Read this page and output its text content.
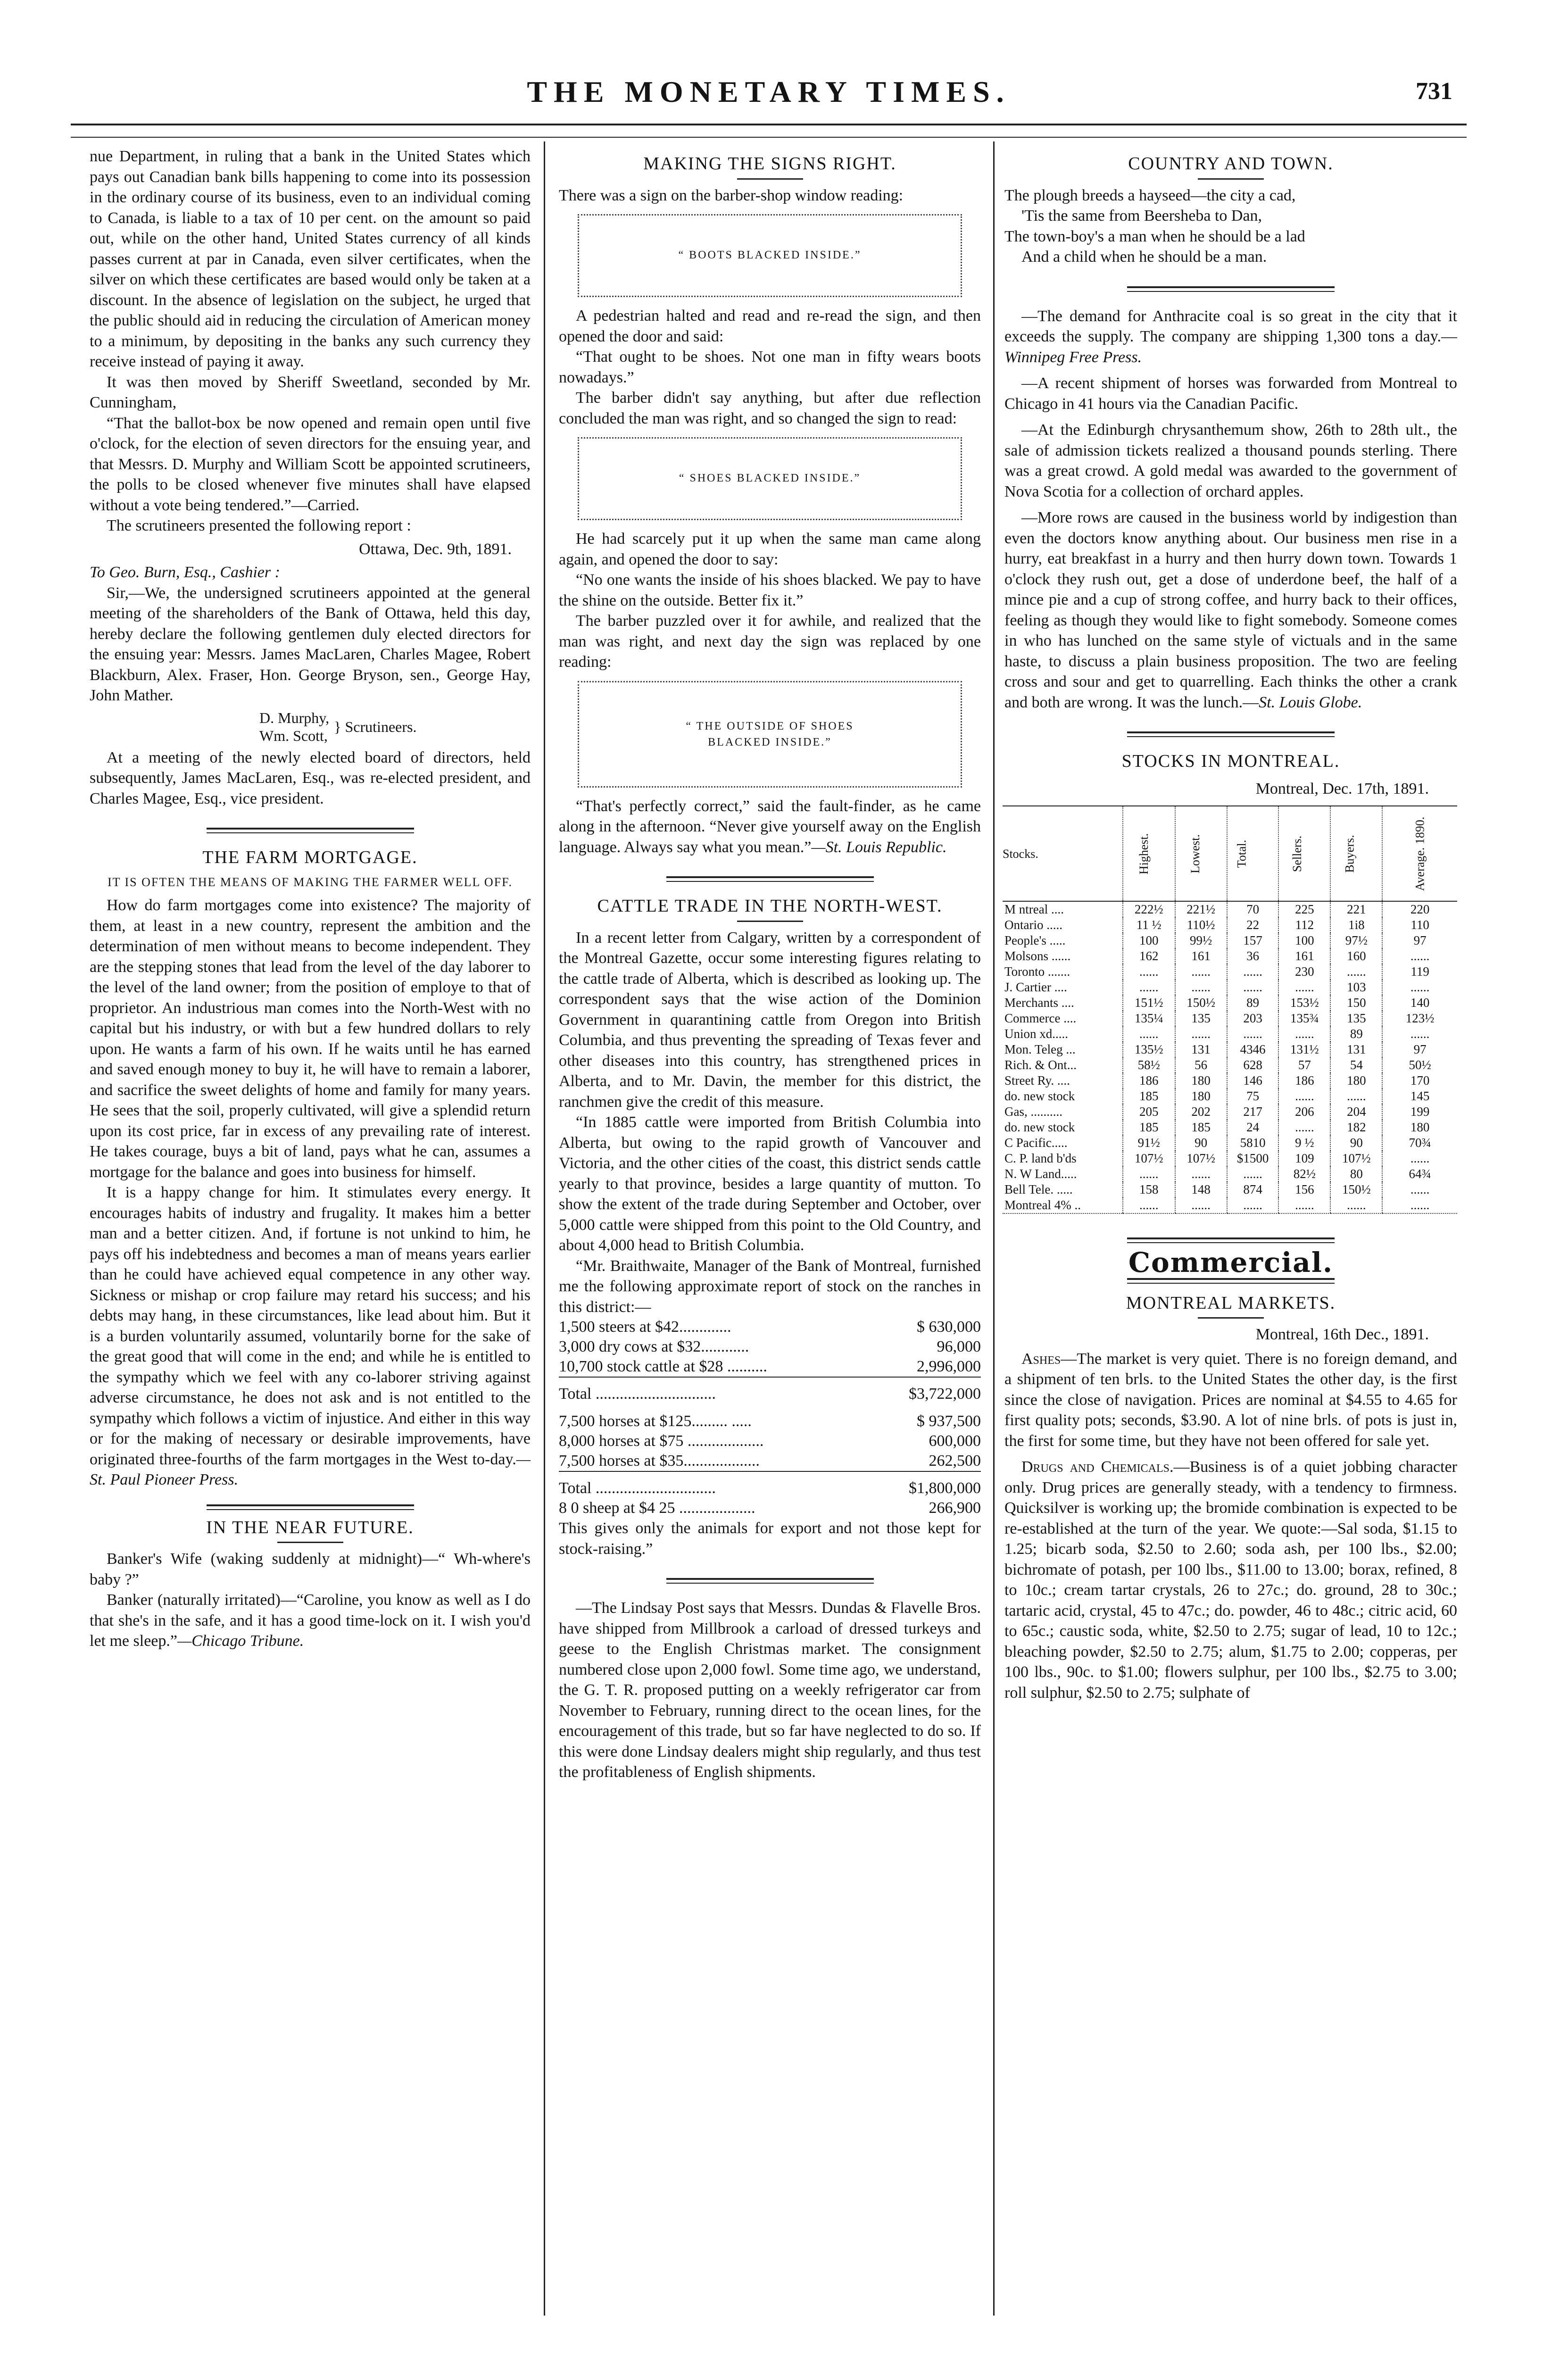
THE MONETARY TIMES.	731

nue Department, in ruling that a bank in the United States which pays out Canadian bank bills happening to come into its possession in the ordinary course of its business, even to an individual coming to Canada, is liable to a tax of 10 per cent. on the amount so paid out, while on the other hand, United States currency of all kinds passes current at par in Canada, even silver certificates, when the silver on which these certificates are based would only be taken at a discount. In the absence of legislation on the subject, he urged that the public should aid in reducing the circulation of American money to a minimum, by depositing in the banks any such currency they receive instead of paying it away.

It was then moved by Sheriff Sweetland, seconded by Mr. Cunningham,

“That the ballot-box be now opened and remain open until five o'clock, for the election of seven directors for the ensuing year, and that Messrs. D. Murphy and William Scott be appointed scrutineers, the polls to be closed whenever five minutes shall have elapsed without a vote being tendered.”—Carried.

The scrutineers presented the following report :

Ottawa, Dec. 9th, 1891.

To Geo. Burn, Esq., Cashier :

Sir,—We, the undersigned scrutineers appointed at the general meeting of the shareholders of the Bank of Ottawa, held this day, hereby declare the following gentlemen duly elected directors for the ensuing year: Messrs. James MacLaren, Charles Magee, Robert Blackburn, Alex. Fraser, Hon. George Bryson, sen., George Hay, John Mather.

D. Murphy,
Wm. Scott,
} Scrutineers.

At a meeting of the newly elected board of directors, held subsequently, James MacLaren, Esq., was re-elected president, and Charles Magee, Esq., vice president.

THE FARM MORTGAGE.
IT IS OFTEN THE MEANS OF MAKING THE FARMER WELL OFF.

How do farm mortgages come into existence? The majority of them, at least in a new country, represent the ambition and the determination of men without means to become independent. They are the stepping stones that lead from the level of the day laborer to the level of the land owner; from the position of employe to that of proprietor. An industrious man comes into the North-West with no capital but his industry, or with but a few hundred dollars to rely upon. He wants a farm of his own. If he waits until he has earned and saved enough money to buy it, he will have to remain a laborer, and sacrifice the sweet delights of home and family for many years. He sees that the soil, properly cultivated, will give a splendid return upon its cost price, far in excess of any prevailing rate of interest. He takes courage, buys a bit of land, pays what he can, assumes a mortgage for the balance and goes into business for himself.

It is a happy change for him. It stimulates every energy. It encourages habits of industry and frugality. It makes him a better man and a better citizen. And, if fortune is not unkind to him, he pays off his indebtedness and becomes a man of means years earlier than he could have achieved equal competence in any other way. Sickness or mishap or crop failure may retard his success; and his debts may hang, in these circumstances, like lead about him. But it is a burden voluntarily assumed, voluntarily borne for the sake of the great good that will come in the end; and while he is entitled to the sympathy which we feel with any co-laborer striving against adverse circumstance, he does not ask and is not entitled to the sympathy which follows a victim of injustice. And either in this way or for the making of necessary or desirable improvements, have originated three-fourths of the farm mortgages in the West to-day.—St. Paul Pioneer Press.

IN THE NEAR FUTURE.

Banker's Wife (waking suddenly at midnight)—“ Wh-where's baby ?”

Banker (naturally irritated)—“Caroline, you know as well as I do that she's in the safe, and it has a good time-lock on it. I wish you'd let me sleep.”—Chicago Tribune.

MAKING THE SIGNS RIGHT.

There was a sign on the barber-shop window reading:

“ BOOTS BLACKED INSIDE.”

A pedestrian halted and read and re-read the sign, and then opened the door and said:

“That ought to be shoes. Not one man in fifty wears boots nowadays.”

The barber didn't say anything, but after due reflection concluded the man was right, and so changed the sign to read:

“ SHOES BLACKED INSIDE.”

He had scarcely put it up when the same man came along again, and opened the door to say:

“No one wants the inside of his shoes blacked. We pay to have the shine on the outside. Better fix it.”

The barber puzzled over it for awhile, and realized that the man was right, and next day the sign was replaced by one reading:

“ THE OUTSIDE OF SHOES
BLACKED INSIDE.”

“That's perfectly correct,” said the fault-finder, as he came along in the afternoon. “Never give yourself away on the English language. Always say what you mean.”—St. Louis Republic.

CATTLE TRADE IN THE NORTH-WEST.

In a recent letter from Calgary, written by a correspondent of the Montreal Gazette, occur some interesting figures relating to the cattle trade of Alberta, which is described as looking up. The correspondent says that the wise action of the Dominion Government in quarantining cattle from Oregon into British Columbia, and thus preventing the spreading of Texas fever and other diseases into this country, has strengthened prices in Alberta, and to Mr. Davin, the member for this district, the ranchmen give the credit of this measure.

“In 1885 cattle were imported from British Columbia into Alberta, but owing to the rapid growth of Vancouver and Victoria, and the other cities of the coast, this district sends cattle yearly to that province, besides a large quantity of mutton. To show the extent of the trade during September and October, over 5,000 cattle were shipped from this point to the Old Country, and about 4,000 head to British Columbia.

“Mr. Braithwaite, Manager of the Bank of Montreal, furnished me the following approximate report of stock on the ranches in this district:—

1,500 steers at $42.............	$ 630,000
3,000 dry cows at $32............	96,000
10,700 stock cattle at $28 ..........	2,996,000
Total ..............................	$3,722,000
7,500 horses at $125......... .....	$ 937,500
8,000 horses at $75 ...................	600,000
7,500 horses at $35...................	262,500
Total ..............................	$1,800,000
8 0 sheep at $4 25 ...................	266,900

This gives only the animals for export and not those kept for stock-raising.”

—The Lindsay Post says that Messrs. Dundas & Flavelle Bros. have shipped from Millbrook a carload of dressed turkeys and geese to the English Christmas market. The consignment numbered close upon 2,000 fowl. Some time ago, we understand, the G. T. R. proposed putting on a weekly refrigerator car from November to February, running direct to the ocean lines, for the encouragement of this trade, but so far have neglected to do so. If this were done Lindsay dealers might ship regularly, and thus test the profitableness of English shipments.

COUNTRY AND TOWN.
The plough breeds a hayseed—the city a cad,
'Tis the same from Beersheba to Dan,
The town-boy's a man when he should be a lad
And a child when he should be a man.

—The demand for Anthracite coal is so great in the city that it exceeds the supply. The company are shipping 1,300 tons a day.—Winnipeg Free Press.

—A recent shipment of horses was forwarded from Montreal to Chicago in 41 hours via the Canadian Pacific.

—At the Edinburgh chrysanthemum show, 26th to 28th ult., the sale of admission tickets realized a thousand pounds sterling. There was a great crowd. A gold medal was awarded to the government of Nova Scotia for a collection of orchard apples.

—More rows are caused in the business world by indigestion than even the doctors know anything about. Our business men rise in a hurry, eat breakfast in a hurry and then hurry down town. Towards 1 o'clock they rush out, get a dose of underdone beef, the half of a mince pie and a cup of strong coffee, and hurry back to their offices, feeling as though they would like to fight somebody. Someone comes in who has lunched on the same style of victuals and in the same haste, to discuss a plain business proposition. The two are feeling cross and sour and get to quarrelling. Each thinks the other a crank and both are wrong. It was the lunch.—St. Louis Globe.

STOCKS IN MONTREAL.
Montreal, Dec. 17th, 1891.
Stocks.	Highest.	Lowest.	Total.	Sellers.	Buyers.	Average. 1890.
M ntreal ....	222½	221½	70	225	221	220
Ontario .....	11 ½	110½	22	112	1i8	110
People's .....	100	99½	157	100	97½	97
Molsons ......	162	161	36	161	160	......
Toronto .......	......	......	......	230	......	119
J. Cartier ....	......	......	......	......	103	......
Merchants ....	151½	150½	89	153½	150	140
Commerce ....	135¼	135	203	135¾	135	123½
Union xd.....	......	......	......	......	89	......
Mon. Teleg ...	135½	131	4346	131½	131	97
Rich. & Ont...	58½	56	628	57	54	50½
Street Ry. ....	186	180	146	186	180	170
do. new stock	185	180	75	......	......	145
Gas, ..........	205	202	217	206	204	199
do. new stock	185	185	24	......	182	180
C Pacific.....	91½	90	5810	9 ½	90	70¾
C. P. land b'ds	107½	107½	$1500	109	107½	......
N. W Land.....	......	......	......	82½	80	64¾
Bell Tele. .....	158	148	874	156	150½	......
Montreal 4% ..	......	......	......	......	......	......
Commercial.
MONTREAL MARKETS.
Montreal, 16th Dec., 1891.

Ashes—The market is very quiet. There is no foreign demand, and a shipment of ten brls. to the United States the other day, is the first since the close of navigation. Prices are nominal at $4.55 to 4.65 for first quality pots; seconds, $3.90. A lot of nine brls. of pots is just in, the first for some time, but they have not been offered for sale yet.

Drugs and Chemicals.—Business is of a quiet jobbing character only. Drug prices are generally steady, with a tendency to firmness. Quicksilver is working up; the bromide combination is expected to be re-established at the turn of the year. We quote:—Sal soda, $1.15 to 1.25; bicarb soda, $2.50 to 2.60; soda ash, per 100 lbs., $2.00; bichromate of potash, per 100 lbs., $11.00 to 13.00; borax, refined, 8 to 10c.; cream tartar crystals, 26 to 27c.; do. ground, 28 to 30c.; tartaric acid, crystal, 45 to 47c.; do. powder, 46 to 48c.; citric acid, 60 to 65c.; caustic soda, white, $2.50 to 2.75; sugar of lead, 10 to 12c.; bleaching powder, $2.50 to 2.75; alum, $1.75 to 2.00; copperas, per 100 lbs., 90c. to $1.00; flowers sulphur, per 100 lbs., $2.75 to 3.00; roll sulphur, $2.50 to 2.75; sulphate of
